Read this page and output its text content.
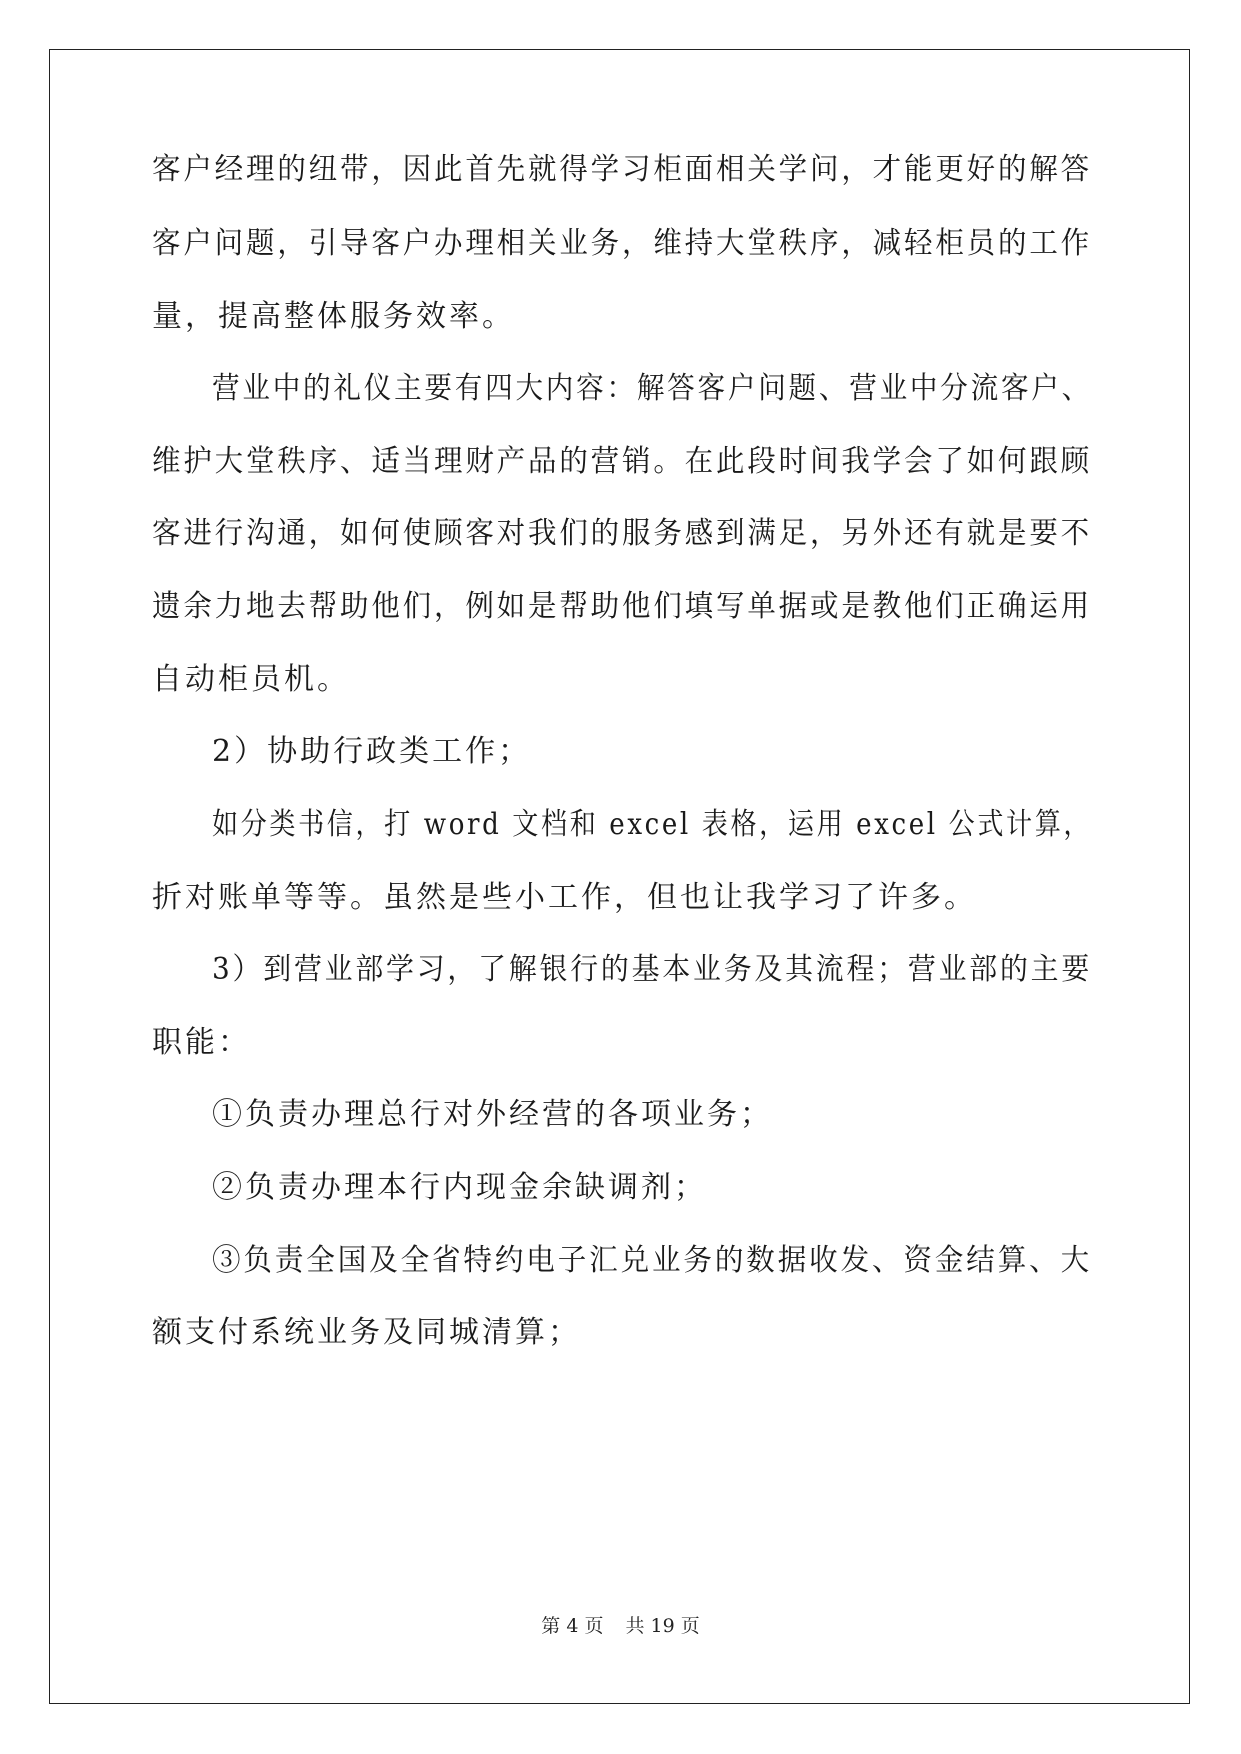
客户经理的纽带，因此首先就得学习柜面相关学问，才能更好的解答
客户问题，引导客户办理相关业务，维持大堂秩序，减轻柜员的工作
量，提高整体服务效率。
营业中的礼仪主要有四大内容：解答客户问题、营业中分流客户、
维护大堂秩序、适当理财产品的营销。在此段时间我学会了如何跟顾
客进行沟通，如何使顾客对我们的服务感到满足，另外还有就是要不
遗余力地去帮助他们，例如是帮助他们填写单据或是教他们正确运用
自动柜员机。
2）协助行政类工作；
如分类书信，打 word 文档和 excel 表格，运用 excel 公式计算，
折对账单等等。虽然是些小工作，但也让我学习了许多。
3）到营业部学习，了解银行的基本业务及其流程；营业部的主要
职能：
①负责办理总行对外经营的各项业务；
②负责办理本行内现金余缺调剂；
③负责全国及全省特约电子汇兑业务的数据收发、资金结算、大
额支付系统业务及同城清算；
第 4 页 共 19 页
